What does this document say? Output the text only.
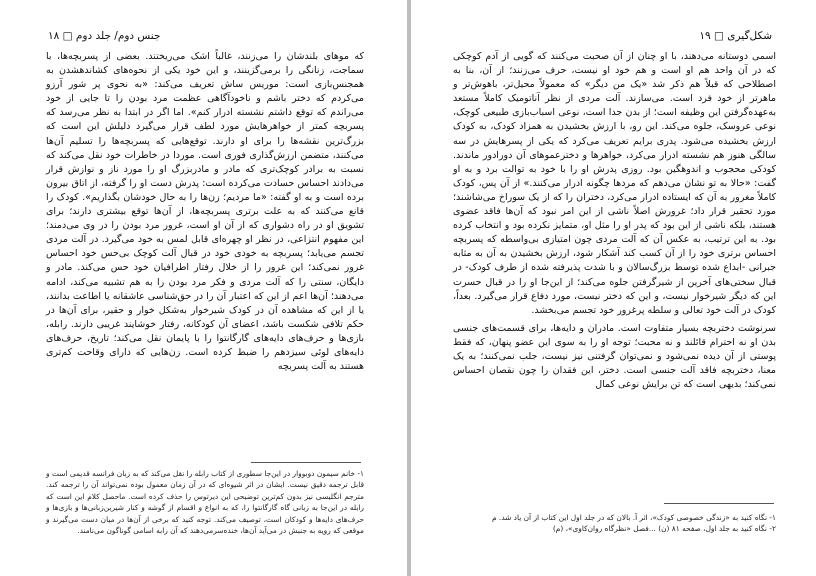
۱۸ □ جنس دوم/ جلد دوم

که موهای بلندشان را می‌زنند، غالباً اشک می‌ریختند. بعضی از پسربچه‌ها، با سماجت، زنانگی را برمی‌گزینند، و این خود یکی از نحوه‌های کشاندهشدن به همجنس‌بازی است: موریس ساش تعریف می‌کند: «به نحوی پر شور آرزو می‌کردم که دختر باشم و ناخودآگاهی عظمت مرد بودن را تا جایی از خود می‌راندم که توقع داشتم نشسته ادرار کنم». اما اگر در ابتدا به نظر می‌رسد که پسربچه کمتر از خواهرهایش مورد لطف قرار می‌گیرد دلیلش این است که بزرگ‌ترین نقشه‌ها را برای او دارند. توقع‌هایی که پسربچه‌ها را تسلیم آن‌ها می‌کنند، متضمن ارزش‌گذاری فوری است. موردا در خاطرات خود نقل می‌کند که نسبت به برادر کوچک‌تری که مادر و مادربزرگ او را مورد ناز و نوازش قرار می‌دادند احساس حسادت می‌کرده است: پدرش دست او را گرفته، از اتاق بیرون برده است و به او گفته: «ما مردیم؛ زن‌ها را به حال خودشان بگذاریم». کودک را قانع می‌کنند که به علت برتری پسربچه‌ها، از آن‌ها توقع بیشتری دارند؛ برای تشویق او در راه دشواری که از آن او است، غرور مرد بودن را در وی می‌دمند؛ این مفهوم انتزاعی، در نظر او چهره‌ای قابل لمس به خود می‌گیرد. در آلت مردی تجسم می‌یابد؛ پسربچه به خودی خود در قبال آلت کوچک بی‌حس خود احساس غرور نمی‌کند؛ این غرور را از خلال رفتار اطرافیان خود حس می‌کند. مادر و دایگان، سنتی را که آلت مردی و فکر مرد بودن را به هم تشبیه می‌کند، ادامه می‌دهند؛ آن‌ها اعم از این که اعتبار آن را در حق‌شناسی عاشقانه یا اطاعت بدانند، یا از این که مشاهده آن در کودک شیرخوار به‌شکل خوار و حقیر، برای آن‌ها در حکم تلافی شکست باشد، اعضای آن کودکانه، رفتار خوشایند غریبی دارند. رابله، بازی‌ها و حرف‌های دایه‌های گارگانتوا را با پایمان نقل می‌کند؛ تاریخ، حرف‌های دایه‌های لوئی سیزدهم را ضبط کرده است. زن‌هایی که دارای وقاحت کم‌تری هستند به آلت پسربچه

۱- خانم سیمون دوبووار در این‌جا سطوری از کتاب رابله را نقل می‌کند که به زبان فرانسه قدیمی است و قابل ترجمه دقیق نیست. ایشان در اثر شیوه‌ای که در آن زمان معمول بوده نمی‌تواند آن را ترجمه کند. مترجم انگلیسی نیز بدون کم‌ترین توضیحی این دیرتوس را حذف کرده است. ماحصل کلام این است که رابله در این‌جا به زبانی گاه گارگانتوا را، که به انواع و اقسام از گوشه و کنار شیرین‌زبانی‌ها و بازی‌ها و حرف‌های دایه‌ها و کودکان است، توصیف می‌کند. توجه کنید که برخی از آن‌ها در میان دست می‌گیرند و موقعی که رویه به جنبش در می‌آید آن‌ها، خنده‌سرمی‌دهند که آن رابه اسامی گوناگون می‌نامند.

شکل‌گیری □ ۱۹

اسمی دوستانه می‌دهند، با او چنان از آن صحبت می‌کنند که گویی از آدم کوچکی که در آن واحد هم او است و هم خود او نیست، حرف می‌زنند؛ از آن، بنا به اصطلاحی که قبلاً هم ذکر شد «یک من دیگر» که معمولاً محیل‌تر، باهوش‌تر و ماهرتر از خود فرد است. می‌سازند. آلت مردی از نظر آناتومیک کاملاً مستعد به‌عهده‌گرفتن این وظیفه است؛ از بدن جدا است، نوعی اسباب‌بازی طبیعی کوچک، نوعی عروسک، جلوه می‌کند. این رو، با ارزش بخشیدن به همزاد کودک، به کودک ارزش بخشیده می‌شود. پدری برایم تعریف می‌کرد که یکی از پسرهایش در سه سالگی هنوز هم نشسته ادرار می‌کرد، خواهرها و دخترعموهای آن دورادور ماندند. کودکی محجوب و اندوهگین بود. روزی پدرش او را با خود به توالت برد و به او گفت: «حالا به تو نشان می‌دهم که مردها چگونه ادرار می‌کنند.» از آن پس، کودک کاملاً مغرور به آن که ایستاده ادرار می‌کرد، دختران را که از یک سوراخ می‌شاشند؛ مورد تحقیر قرار داد؛ غرورش اصلاً ناشی از این امر نبود که آن‌ها فاقد عضوی هستند، بلکه ناشی از این بود که پدر او را مثل او، متمایز نکرده بود و انتخاب کرده بود. به این ترتیب، به عکس آن که آلت مردی چون امتیازی بی‌واسطه که پسربچه احساس برتری خود را از آن کسب کند آشکار شود، ارزش بخشیدن به آن به مثابه جبرانی -ابداع شده توسط بزرگ‌سالان و با شدت پذیرفته شده از طرف کودک- در قبال سختی‌های آخرین از شیرگرفتن جلوه می‌کند؛ از این‌جا او را در قبال حسرت این که دیگر شیرخوار نیست، و این که دختر نیست، مورد دفاع قرار می‌گیرد. بعداً، کودک در آلت خود تعالی و سلطه پرغرور خود تجسم می‌بخشد.

سرنوشت دختربچه بسیار متفاوت است. مادران و دایه‌ها، برای قسمت‌های جنسی بدن او نه احترام قائلند و نه محبت؛ توجه او را به سوی این عضو پنهان، که فقط پوستی از آن دیده نمی‌شود و نمی‌توان گرفتنی نیز نیست، جلب نمی‌کنند؛ به یک معنا، دختربچه فاقد آلت جنسی است. دختر، این فقدان را چون نقصان احساس نمی‌کند؛ بدیهی است که تن برایش نوعی کمال

۱- نگاه کنید به «زندگی خصوصی کودک»، اثر آ. بالان که در جلد اول این کتاب از آن یاد شد. م

۲- نگاه کنید به جلد اول، صفحه ۸۱ (ن) ...فصل «نظرگاه روان‌کاوی»، (م)
